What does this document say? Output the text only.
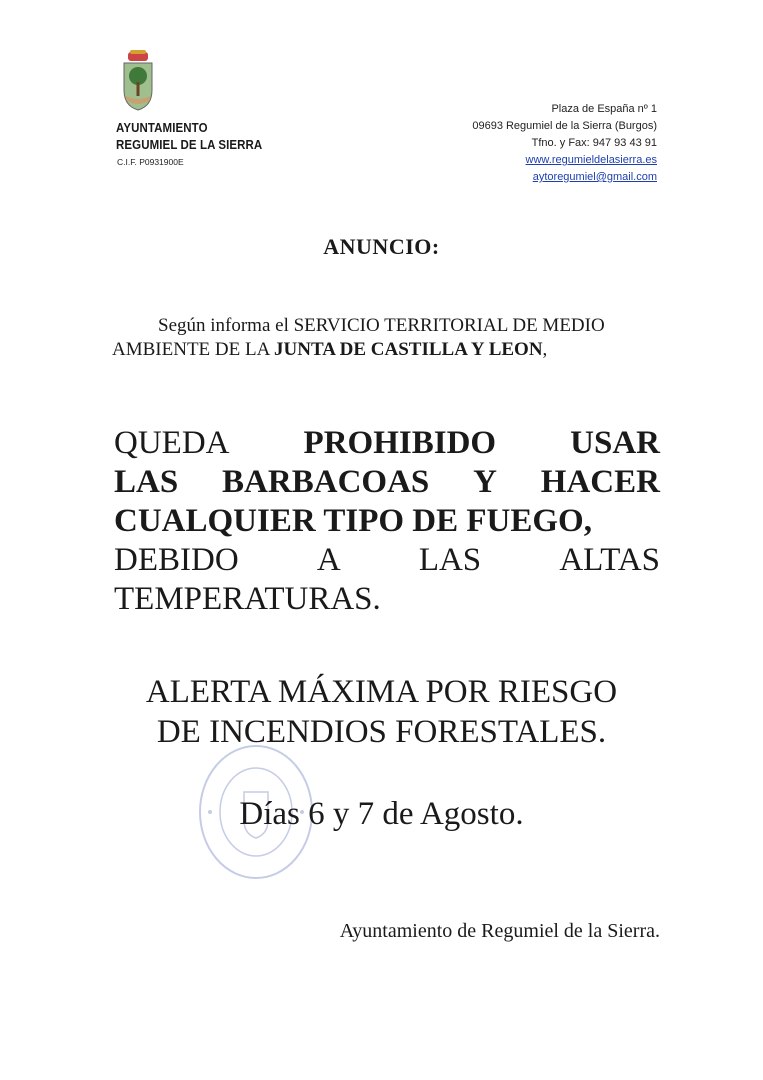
AYUNTAMIENTO
REGUMIEL DE LA SIERRA
C.I.F. P0931900E
Plaza de España nº 1
09693 Regumiel de la Sierra (Burgos)
Tfno. y Fax: 947 93 43 91
www.regumieldelasierra.es
aytoregumiel@gmail.com
ANUNCIO:
Según informa el SERVICIO TERRITORIAL DE MEDIO
AMBIENTE DE LA JUNTA DE CASTILLA Y LEON,
QUEDA PROHIBIDO USAR
LAS BARBACOAS Y HACER
CUALQUIER TIPO DE FUEGO,
DEBIDO A LAS ALTAS
TEMPERATURAS.
ALERTA MÁXIMA POR RIESGO
DE INCENDIOS FORESTALES.
Días 6 y 7 de Agosto.
Ayuntamiento de Regumiel de la Sierra.
